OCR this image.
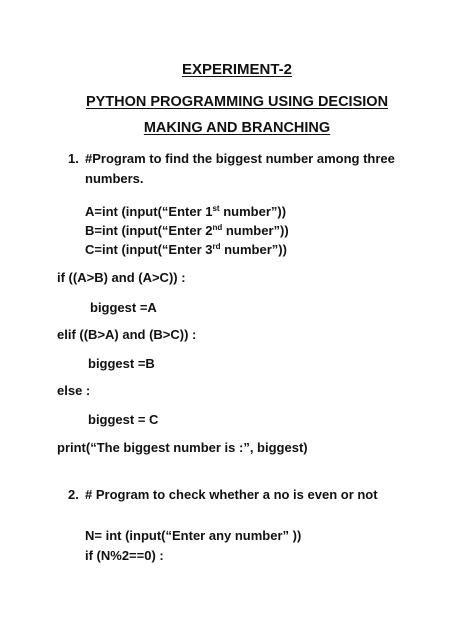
EXPERIMENT-2
PYTHON PROGRAMMING USING DECISION
MAKING AND BRANCHING
1. #Program to find the biggest number among three
numbers.
A=int (input(“Enter 1st number”))
B=int (input(“Enter 2nd number”))
C=int (input(“Enter 3rd number”))
if ((A>B) and (A>C)) :
biggest =A
elif ((B>A) and (B>C)) :
biggest =B
else :
biggest = C
print(“The biggest number is :”, biggest)
2. # Program to check whether a no is even or not
N= int (input(“Enter any number” ))
if (N%2==0) :
